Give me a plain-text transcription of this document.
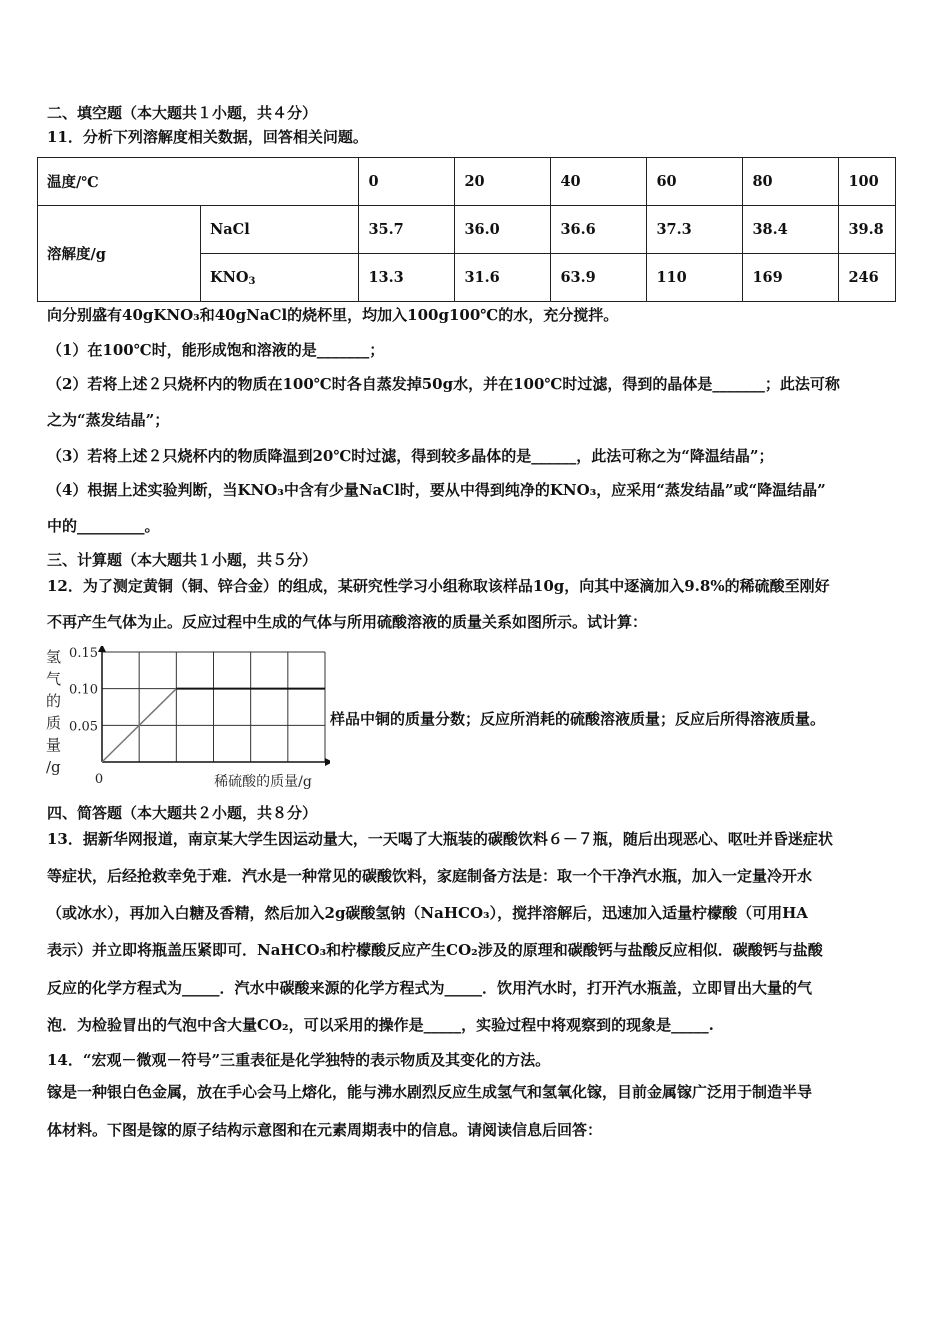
二、填空题（本大题共１小题，共４分）
11．分析下列溶解度相关数据，回答相关问题。
温度/℃		0	20	40	60	80	100
溶解度/g	NaCl	35.7	36.0	36.6	37.3	38.4	39.8
	$KNO_3$	13.3	31.6	63.9	110	169	246
向分别盛有40gKNO₃和40gNaCl的烧杯里，均加入100g100℃的水，充分搅拌。
（1）在100℃时，能形成饱和溶液的是_______；
（2）若将上述２只烧杯内的物质在100℃时各自蒸发掉50g水，并在100℃时过滤，得到的晶体是_______；此法可称
之为“蒸发结晶”；
（3）若将上述２只烧杯内的物质降温到20℃时过滤，得到较多晶体的是______，此法可称之为“降温结晶”；
（4）根据上述实验判断，当KNO₃中含有少量NaCl时，要从中得到纯净的KNO₃，应采用“蒸发结晶”或“降温结晶”
中的_________。
三、计算题（本大题共１小题，共５分）
12．为了测定黄铜（铜、锌合金）的组成，某研究性学习小组称取该样品10g，向其中逐滴加入9.8%的稀硫酸至刚好
不再产生气体为止。反应过程中生成的气体与所用硫酸溶液的质量关系如图所示。试计算：
0.15
0.10
0.05
氢
气
的
质
量
/g
0	稀硫酸的质量/g
样品中铜的质量分数；反应所消耗的硫酸溶液质量；反应后所得溶液质量。
四、简答题（本大题共２小题，共８分）
13．据新华网报道，南京某大学生因运动量大，一天喝了大瓶装的碳酸饮料６－７瓶，随后出现恶心、呕吐并昏迷症状
等症状，后经抢救幸免于难．汽水是一种常见的碳酸饮料，家庭制备方法是：取一个干净汽水瓶，加入一定量冷开水
（或冰水），再加入白糖及香精，然后加入2g碳酸氢钠（NaHCO₃），搅拌溶解后，迅速加入适量柠檬酸（可用HA
表示）并立即将瓶盖压紧即可．NaHCO₃和柠檬酸反应产生CO₂涉及的原理和碳酸钙与盐酸反应相似．碳酸钙与盐酸
反应的化学方程式为_____．汽水中碳酸来源的化学方程式为_____．饮用汽水时，打开汽水瓶盖，立即冒出大量的气
泡．为检验冒出的气泡中含大量CO₂，可以采用的操作是_____，实验过程中将观察到的现象是_____.
14．“宏观－微观－符号”三重表征是化学独特的表示物质及其变化的方法。
镓是一种银白色金属，放在手心会马上熔化，能与沸水剧烈反应生成氢气和氢氧化镓，目前金属镓广泛用于制造半导
体材料。下图是镓的原子结构示意图和在元素周期表中的信息。请阅读信息后回答：
